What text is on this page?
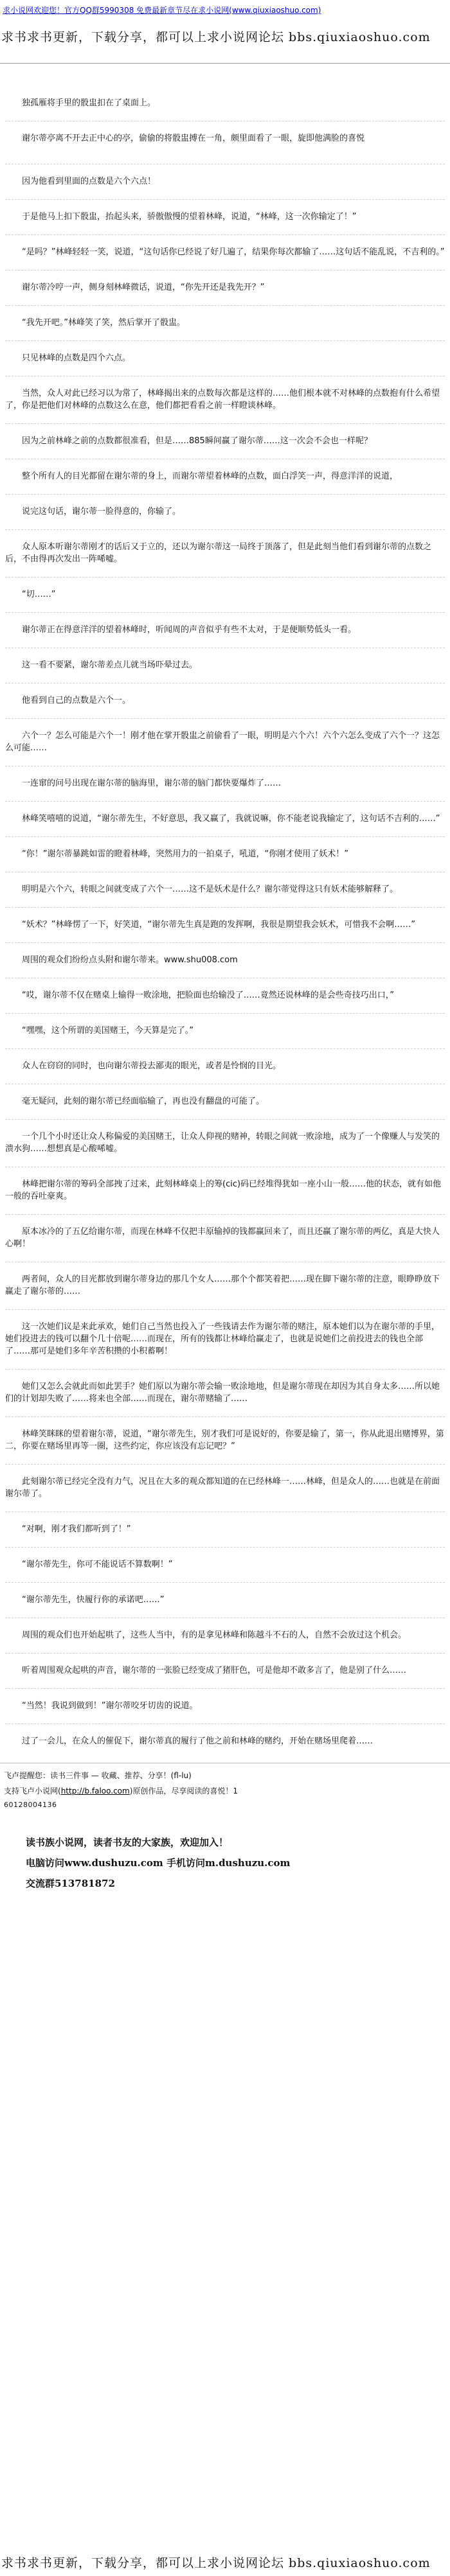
求小说网欢迎您！官方QQ群5990308 免费最新章节尽在求小说网(www.qiuxiaoshuo.com)
求书求书更新，下载分享，都可以上求小说网论坛 bbs.qiuxiaoshuo.com

　　独孤雁将手里的骰盅扣在了桌面上。

　　谢尔蒂亭离不开去正中心的亭，偷偷的将骰盅搏在一角，颇里面看了一眼，旋即他满脸的喜悦

　　因为他看到里面的点数是六个六点！

　　于是他马上扣下骰盅，抬起头来，骄傲傲慢的望着林峰，说道，“林峰，这一次你输定了！”

　　“是吗？”林峰轻轻一笑，说道，“这句话你已经说了好几遍了，结果你每次都输了……这句话不能乱说，不吉利的。”

　　谢尔蒂冷哼一声，侧身刻林峰微话，说道，“你先开还是我先开？”

　　“我先开吧。”林峰笑了笑，然后掌开了骰盅。

　　只见林峰的点数是四个六点。

　　当然，众人对此已经习以为常了，林峰揭出来的点数每次都是这样的……他们根本就不对林峰的点数抱有什么希望了，你是把他们对林峰的点数这么在意，他们都把看看之前一样瞪谈林峰。

　　因为之前林峰之前的点数都很准看，但是……885瞬间赢了谢尔蒂……这一次会不会也一样呢？

　　整个所有人的目光都留在谢尔蒂的身上，而谢尔蒂望着林峰的点数，面白浮笑一声，得意洋洋的说道，

　　说完这句话，谢尔蒂一脸得意的，你输了。

　　众人原本听谢尔蒂刚才的话后又于立的，还以为谢尔蒂这一局终于顶落了，但是此刻当他们看到谢尔蒂的点数之后，不由得再次发出一阵唏嘘。

　　“切……”

　　谢尔蒂正在得意洋洋的望着林峰时，听闻周的声音似乎有些不太对，于是便顺势低头一看。

　　这一看不要紧，谢尔蒂差点儿就当场吓晕过去。

　　他看到自己的点数是六个一。

　　六个一？怎么可能是六个一！刚才他在掌开骰盅之前偷看了一眼，明明是六个六！六个六怎么变成了六个一？这怎么可能……

　　一连窜的问号出现在谢尔蒂的脑海里，谢尔蒂的脑门都快要爆炸了……

　　林峰笑嘻嘻的说道，“谢尔蒂先生，不好意思，我又赢了，我就说嘛，你不能老说我输定了，这句话不吉利的……”

　　“你！”谢尔蒂暴跳如雷的瞪着林峰，突然用力的一拍桌子，吼道，“你刚才使用了妖术！”

　　明明是六个六，转眼之间就变成了六个一……这不是妖术是什么？谢尔蒂觉得这只有妖术能够解释了。

　　“妖术？”林峰愣了一下，好笑道，“谢尔蒂先生真是跑的发挥啊，我很是期望我会妖术，可惜我不会啊……”

　　周围的观众们纷纷点头附和谢尔蒂来。www.shu008.com

　　“哎，谢尔蒂不仅在赌桌上输得一败涂地，把脸面也给输没了……竟然还说林峰的是会些奇技巧出口，”

　　“嘿嘿，这个所谓的美国赌王，今天算是完了。”

　　众人在窃窃的同时，也向谢尔蒂投去鄙夷的眼光，或者是怜悯的目光。

　　毫无疑问，此刻的谢尔蒂已经面临输了，再也没有翻盘的可能了。

　　一个几个小时还让众人称偏爱的美国赌王，让众人仰视的赌神，转眼之间就一败涂地，成为了一个像赚人与发笑的溃水狗……想想真是心酸唏嘘。

　　林峰把谢尔蒂的筹码全部拽了过来，此刻林峰桌上的筹(cic)码已经堆得犹如一座小山一般……他的状态，就有如他一般的吞吐豪爽。

　　原本冰冷的了五亿给谢尔蒂，而现在林峰不仅把丰原输掉的钱都赢回来了，而且还赢了谢尔蒂的两亿，真是大快人心啊！

　　两者间，众人的目光都放到谢尔蒂身边的那几个女人……那个个都笑着把……现在脚下谢尔蒂的注意，眼睁睁放下赢走了谢尔蒂的……

　　这一次她们议是来此承欢，她们自己当然也投入了一些钱请去作为谢尔蒂的赌注，原本她们以为在谢尔蒂的手里，她们投进去的钱可以翻个几十倍呢……而现在，所有的钱都让林峰给赢走了，也就是说她们之前投进去的钱也全部了……那可是她们多年辛苦积攒的小积蓄啊！

　　她们又怎么会就此而如此罢手？她们原以为谢尔蒂会输一败涂地地，但是谢尔蒂现在却因为其自身太多……所以她们的计划却失败了……将来也全部……而现在，谢尔蒂赌输了……

　　林峰笑眯眯的望着谢尔蒂，说道，“谢尔蒂先生，别才我们可是说好的，你要是输了，第一，你从此退出赌博界，第二，你要在赌场里再等一圈，这些约定，你应该没有忘记吧？”

　　此刻谢尔蒂已经完全没有力气，况且在大多的观众都知道的在已经林峰一……林峰，但是众人的……也就是在前面谢尔蒂了。

　　“对啊，刚才我们都听到了！”

　　“谢尔蒂先生，你可不能说话不算数啊！”

　　“谢尔蒂先生，快履行你的承诺吧……”

　　周围的观众们也开始起哄了，这些人当中，有的是拿见林峰和陈越斗不石的人，自然不会放过这个机会。

　　听着周围观众起哄的声音，谢尔蒂的一张脸已经变成了猪肝色，可是他却不敢多言了，他是别了什么……

　　“当然！我说到做到！”谢尔蒂咬牙切齿的说道。

　　过了一会儿，在众人的催促下，谢尔蒂真的履行了他之前和林峰的赌约，开始在赌场里爬着……

飞卢提醒您：读书三件事 — 收藏、推荐、分享！(fl-lu)

支持飞卢小说网(http://b.faloo.com)原创作品，尽享阅读的喜悦！1

60128004136
读书族小说网，读者书友的大家族，欢迎加入！
电脑访问www.dushuzu.com 手机访问m.dushuzu.com
交流群513781872
求书求书更新，下载分享，都可以上求小说网论坛 bbs.qiuxiaoshuo.com
